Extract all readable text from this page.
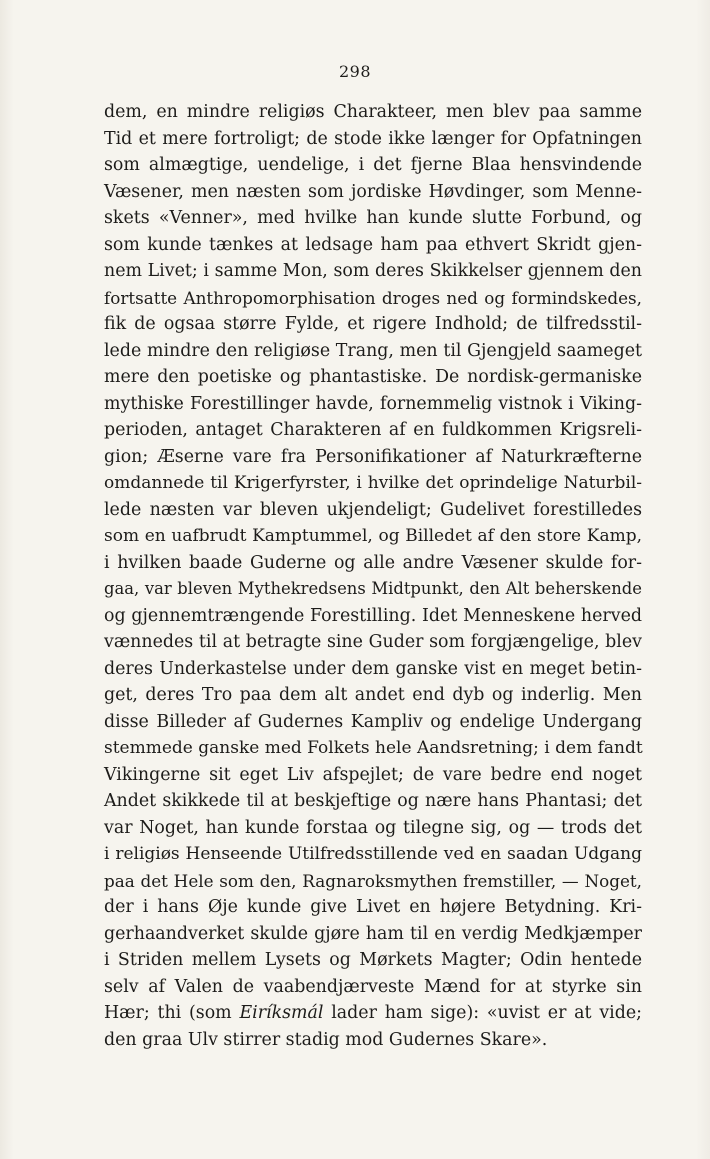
298
dem, en mindre religiøs Charakteer, men blev paa samme
Tid et mere fortroligt; de stode ikke længer for Opfatningen
som almægtige, uendelige, i det fjerne Blaa hensvindende
Væsener, men næsten som jordiske Høvdinger, som Menne-
skets «Venner», med hvilke han kunde slutte Forbund, og
som kunde tænkes at ledsage ham paa ethvert Skridt gjen-
nem Livet; i samme Mon, som deres Skikkelser gjennem den
fortsatte Anthropomorphisation droges ned og formindskedes,
fik de ogsaa større Fylde, et rigere Indhold; de tilfredsstil-
lede mindre den religiøse Trang, men til Gjengjeld saameget
mere den poetiske og phantastiske. De nordisk-germaniske
mythiske Forestillinger havde, fornemmelig vistnok i Viking-
perioden, antaget Charakteren af en fuldkommen Krigsreli-
gion; Æserne vare fra Personifikationer af Naturkræfterne
omdannede til Krigerfyrster, i hvilke det oprindelige Naturbil-
lede næsten var bleven ukjendeligt; Gudelivet forestilledes
som en uafbrudt Kamptummel, og Billedet af den store Kamp,
i hvilken baade Guderne og alle andre Væsener skulde for-
gaa, var bleven Mythekredsens Midtpunkt, den Alt beherskende
og gjennemtrængende Forestilling. Idet Menneskene herved
vænnedes til at betragte sine Guder som forgjængelige, blev
deres Underkastelse under dem ganske vist en meget betin-
get, deres Tro paa dem alt andet end dyb og inderlig. Men
disse Billeder af Gudernes Kampliv og endelige Undergang
stemmede ganske med Folkets hele Aandsretning; i dem fandt
Vikingerne sit eget Liv afspejlet; de vare bedre end noget
Andet skikkede til at beskjeftige og nære hans Phantasi; det
var Noget, han kunde forstaa og tilegne sig, og — trods det
i religiøs Henseende Utilfredsstillende ved en saadan Udgang
paa det Hele som den, Ragnaroksmythen fremstiller, — Noget,
der i hans Øje kunde give Livet en højere Betydning. Kri-
gerhaandverket skulde gjøre ham til en verdig Medkjæmper
i Striden mellem Lysets og Mørkets Magter; Odin hentede
selv af Valen de vaabendjærveste Mænd for at styrke sin
Hær; thi (som Eiríksmál lader ham sige): «uvist er at vide;
den graa Ulv stirrer stadig mod Gudernes Skare».
